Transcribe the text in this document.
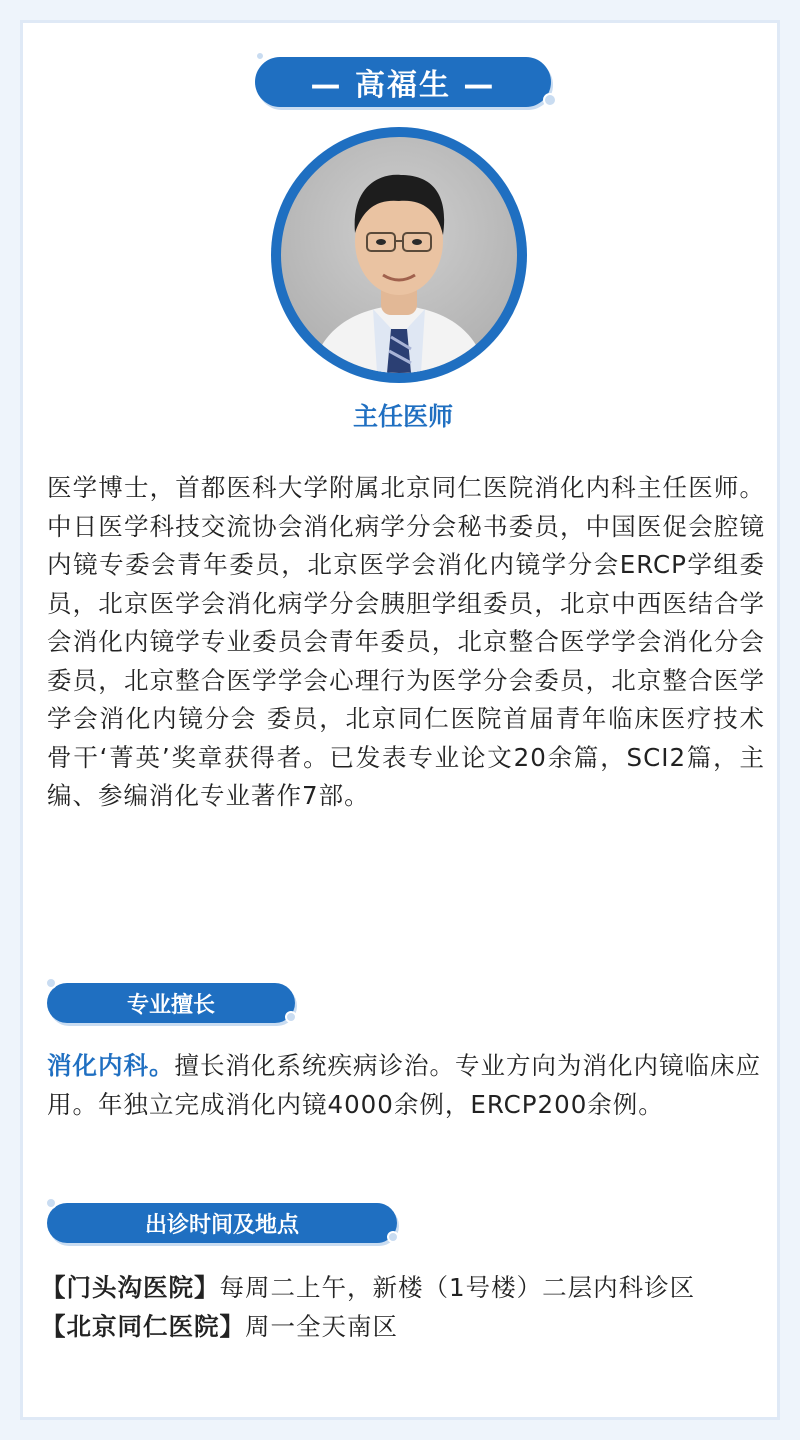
— 高福生 —
主任医师
医学博士，首都医科大学附属北京同仁医院消化内科主任医师。中日医学科技交流协会消化病学分会秘书委员，中国医促会腔镜内镜专委会青年委员，北京医学会消化内镜学分会ERCP学组委员，北京医学会消化病学分会胰胆学组委员，北京中西医结合学会消化内镜学专业委员会青年委员，北京整合医学学会消化分会委员，北京整合医学学会心理行为医学分会委员，北京整合医学学会消化内镜分会 委员，北京同仁医院首届青年临床医疗技术骨干‘菁英’奖章获得者。已发表专业论文20余篇，SCI2篇，主编、参编消化专业著作7部。
专业擅长
消化内科。擅长消化系统疾病诊治。专业方向为消化内镜临床应用。年独立完成消化内镜4000余例，ERCP200余例。
出诊时间及地点
【门头沟医院】每周二上午，新楼（1号楼）二层内科诊区
【北京同仁医院】周一全天南区
